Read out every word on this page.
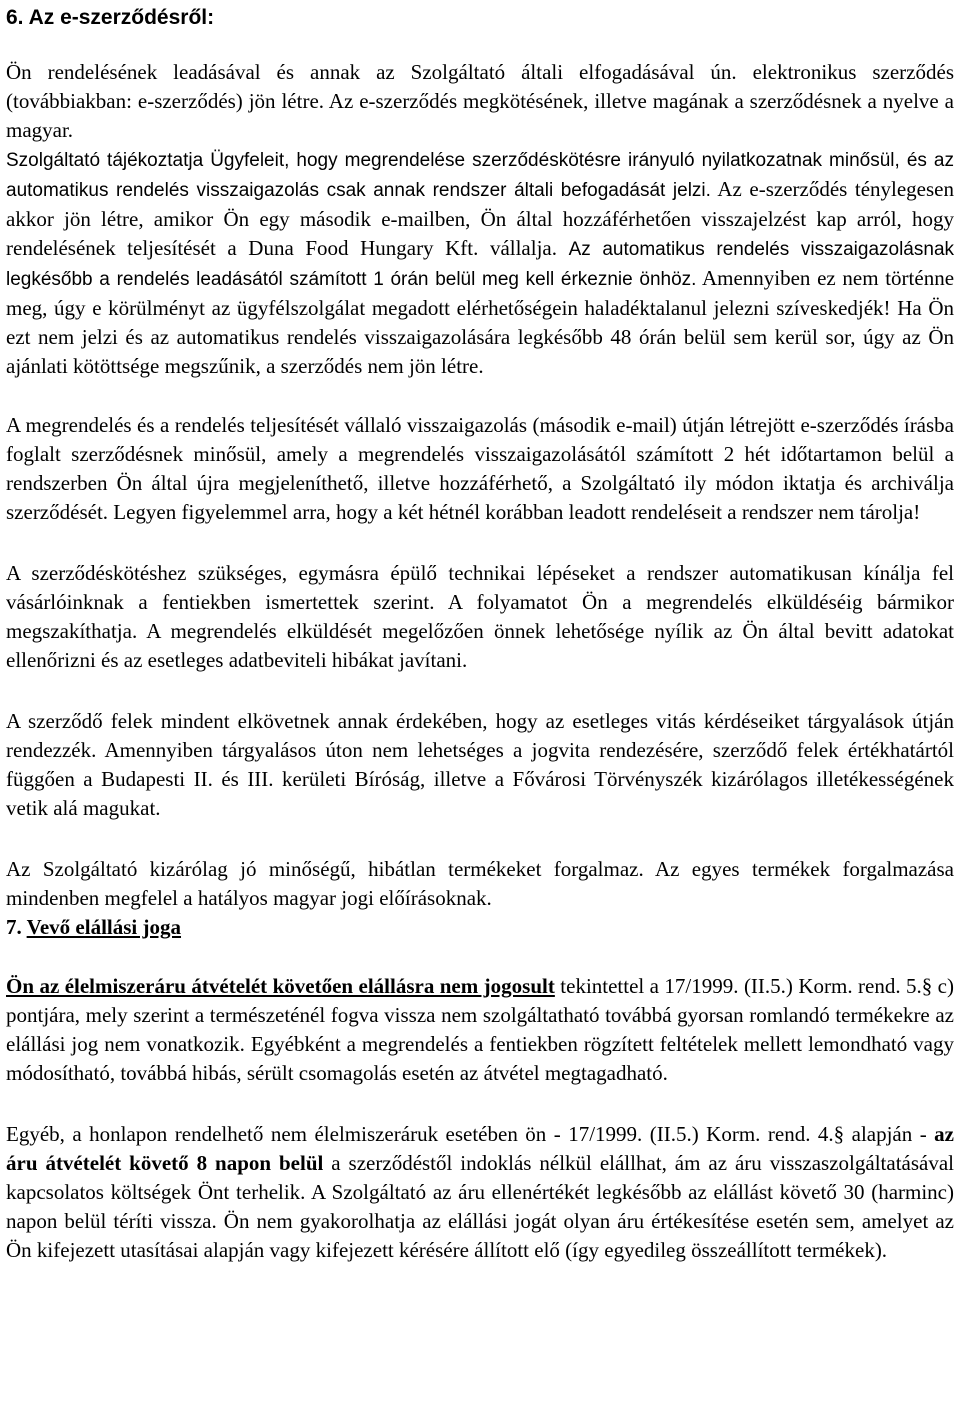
6. Az e-szerződésről:

Ön rendelésének leadásával és annak az Szolgáltató általi elfogadásával ún. elektronikus szerződés (továbbiakban: e-szerződés) jön létre. Az e-szerződés megkötésének, illetve magának a szerződésnek a nyelve a magyar.
Szolgáltató tájékoztatja Ügyfeleit, hogy megrendelése szerződéskötésre irányuló nyilatkozatnak minősül, és az automatikus rendelés visszaigazolás csak annak rendszer általi befogadását jelzi. Az e-szerződés ténylegesen akkor jön létre, amikor Ön egy második e-mailben, Ön által hozzáférhetően visszajelzést kap arról, hogy rendelésének teljesítését a Duna Food Hungary Kft. vállalja. Az automatikus rendelés visszaigazolásnak legkésőbb a rendelés leadásától számított 1 órán belül meg kell érkeznie önhöz. Amennyiben ez nem történne meg, úgy e körülményt az ügyfélszolgálat megadott elérhetőségein haladéktalanul jelezni szíveskedjék! Ha Ön ezt nem jelzi és az automatikus rendelés visszaigazolására legkésőbb 48 órán belül sem kerül sor, úgy az Ön ajánlati kötöttsége megszűnik, a szerződés nem jön létre.

A megrendelés és a rendelés teljesítését vállaló visszaigazolás (második e-mail) útján létrejött e-szerződés írásba foglalt szerződésnek minősül, amely a megrendelés visszaigazolásától számított 2 hét időtartamon belül a rendszerben Ön által újra megjeleníthető, illetve hozzáférhető, a Szolgáltató ily módon iktatja és archiválja szerződését. Legyen figyelemmel arra, hogy a két hétnél korábban leadott rendeléseit a rendszer nem tárolja!

A szerződéskötéshez szükséges, egymásra épülő technikai lépéseket a rendszer automatikusan kínálja fel vásárlóinknak a fentiekben ismertettek szerint. A folyamatot Ön a megrendelés elküldéséig bármikor megszakíthatja. A megrendelés elküldését megelőzően önnek lehetősége nyílik az Ön által bevitt adatokat ellenőrizni és az esetleges adatbeviteli hibákat javítani.

A szerződő felek mindent elkövetnek annak érdekében, hogy az esetleges vitás kérdéseiket tárgyalások útján rendezzék. Amennyiben tárgyalásos úton nem lehetséges a jogvita rendezésére, szerződő felek értékhatártól függően a Budapesti II. és III. kerületi Bíróság, illetve a Fővárosi Törvényszék kizárólagos illetékességének vetik alá magukat.

Az Szolgáltató kizárólag jó minőségű, hibátlan termékeket forgalmaz. Az egyes termékek forgalmazása mindenben megfelel a hatályos magyar jogi előírásoknak.

7. Vevő elállási joga

Ön az élelmiszeráru átvételét követően elállásra nem jogosult tekintettel a 17/1999. (II.5.) Korm. rend. 5.§ c) pontjára, mely szerint a természeténél fogva vissza nem szolgáltatható továbbá gyorsan romlandó termékekre az elállási jog nem vonatkozik. Egyébként a megrendelés a fentiekben rögzített feltételek mellett lemondható vagy módosítható, továbbá hibás, sérült csomagolás esetén az átvétel megtagadható.

Egyéb, a honlapon rendelhető nem élelmiszeráruk esetében ön - 17/1999. (II.5.) Korm. rend. 4.§ alapján - az áru átvételét követő 8 napon belül a szerződéstől indoklás nélkül elállhat, ám az áru visszaszolgáltatásával kapcsolatos költségek Önt terhelik. A Szolgáltató az áru ellenértékét legkésőbb az elállást követő 30 (harminc) napon belül téríti vissza. Ön nem gyakorolhatja az elállási jogát olyan áru értékesítése esetén sem, amelyet az Ön kifejezett utasításai alapján vagy kifejezett kérésére állított elő (így egyedileg összeállított termékek).
